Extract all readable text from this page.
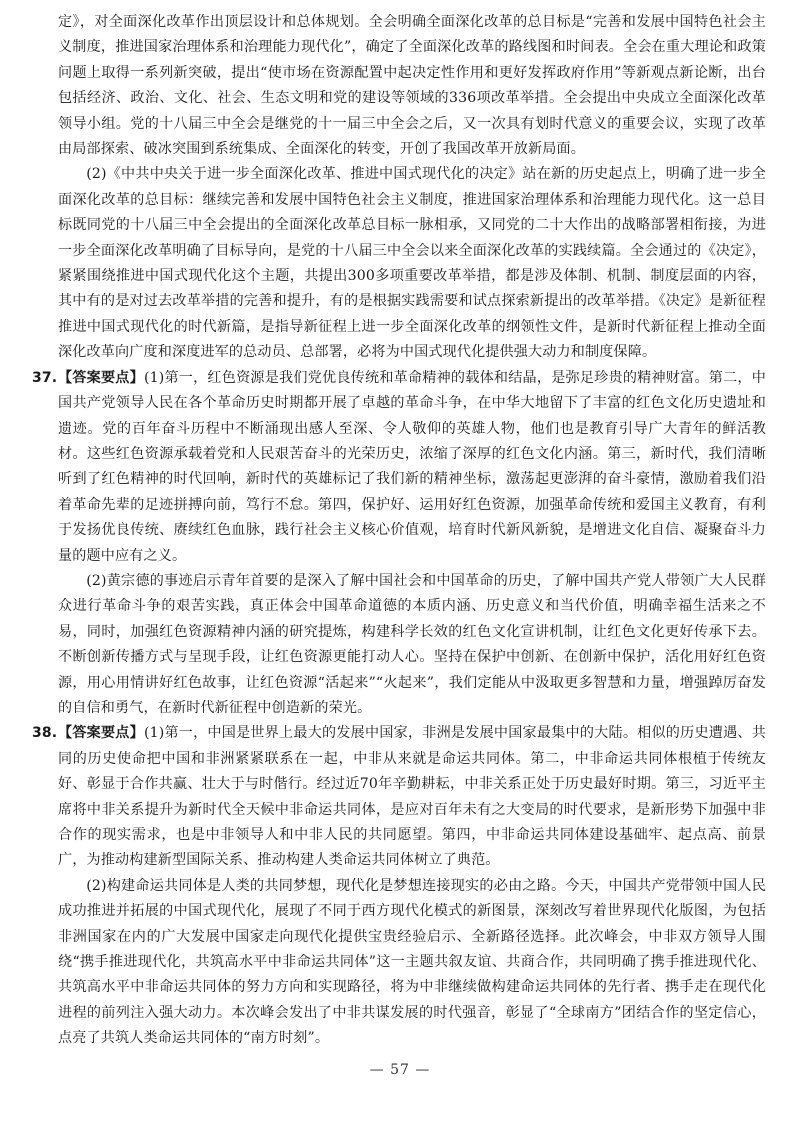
定》，对全面深化改革作出顶层设计和总体规划。全会明确全面深化改革的总目标是“完善和发展中国特色社会主义制度，推进国家治理体系和治理能力现代化”，确定了全面深化改革的路线图和时间表。全会在重大理论和政策问题上取得一系列新突破，提出“使市场在资源配置中起决定性作用和更好发挥政府作用”等新观点新论断，出台包括经济、政治、文化、社会、生态文明和党的建设等领域的336项改革举措。全会提出中央成立全面深化改革领导小组。党的十八届三中全会是继党的十一届三中全会之后，又一次具有划时代意义的重要会议，实现了改革由局部探索、破冰突围到系统集成、全面深化的转变，开创了我国改革开放新局面。

(2)《中共中央关于进一步全面深化改革、推进中国式现代化的决定》站在新的历史起点上，明确了进一步全面深化改革的总目标：继续完善和发展中国特色社会主义制度，推进国家治理体系和治理能力现代化。这一总目标既同党的十八届三中全会提出的全面深化改革总目标一脉相承，又同党的二十大作出的战略部署相衔接，为进一步全面深化改革明确了目标导向，是党的十八届三中全会以来全面深化改革的实践续篇。全会通过的《决定》，紧紧围绕推进中国式现代化这个主题，共提出300多项重要改革举措，都是涉及体制、机制、制度层面的内容，其中有的是对过去改革举措的完善和提升，有的是根据实践需要和试点探索新提出的改革举措。《决定》是新征程推进中国式现代化的时代新篇，是指导新征程上进一步全面深化改革的纲领性文件，是新时代新征程上推动全面深化改革向广度和深度进军的总动员、总部署，必将为中国式现代化提供强大动力和制度保障。

37. 【答案要点】(1)第一，红色资源是我们党优良传统和革命精神的载体和结晶，是弥足珍贵的精神财富。第二，中国共产党领导人民在各个革命历史时期都开展了卓越的革命斗争，在中华大地留下了丰富的红色文化历史遗址和遗迹。党的百年奋斗历程中不断涌现出感人至深、令人敬仰的英雄人物，他们也是教育引导广大青年的鲜活教材。这些红色资源承载着党和人民艰苦奋斗的光荣历史，浓缩了深厚的红色文化内涵。第三，新时代，我们清晰听到了红色精神的时代回响，新时代的英雄标记了我们新的精神坐标，激荡起更澎湃的奋斗豪情，激励着我们沿着革命先辈的足迹拼搏向前，笃行不怠。第四，保护好、运用好红色资源，加强革命传统和爱国主义教育，有利于发扬优良传统、赓续红色血脉，践行社会主义核心价值观，培育时代新风新貌，是增进文化自信、凝聚奋斗力量的题中应有之义。

(2)黄宗德的事迹启示青年首要的是深入了解中国社会和中国革命的历史，了解中国共产党人带领广大人民群众进行革命斗争的艰苦实践，真正体会中国革命道德的本质内涵、历史意义和当代价值，明确幸福生活来之不易，同时，加强红色资源精神内涵的研究提炼，构建科学长效的红色文化宣讲机制，让红色文化更好传承下去。不断创新传播方式与呈现手段，让红色资源更能打动人心。坚持在保护中创新、在创新中保护，活化用好红色资源，用心用情讲好红色故事，让红色资源“活起来”“火起来”，我们定能从中汲取更多智慧和力量，增强踔厉奋发的自信和勇气，在新时代新征程中创造新的荣光。

38. 【答案要点】(1)第一，中国是世界上最大的发展中国家，非洲是发展中国家最集中的大陆。相似的历史遭遇、共同的历史使命把中国和非洲紧紧联系在一起，中非从来就是命运共同体。第二，中非命运共同体根植于传统友好、彰显于合作共赢、壮大于与时偕行。经过近70年辛勤耕耘，中非关系正处于历史最好时期。第三，习近平主席将中非关系提升为新时代全天候中非命运共同体，是应对百年未有之大变局的时代要求，是新形势下加强中非合作的现实需求，也是中非领导人和中非人民的共同愿望。第四，中非命运共同体建设基础牢、起点高、前景广，为推动构建新型国际关系、推动构建人类命运共同体树立了典范。

(2)构建命运共同体是人类的共同梦想，现代化是梦想连接现实的必由之路。今天，中国共产党带领中国人民成功推进并拓展的中国式现代化，展现了不同于西方现代化模式的新图景，深刻改写着世界现代化版图，为包括非洲国家在内的广大发展中国家走向现代化提供宝贵经验启示、全新路径选择。此次峰会，中非双方领导人围绕“携手推进现代化，共筑高水平中非命运共同体”这一主题共叙友谊、共商合作，共同明确了携手推进现代化、共筑高水平中非命运共同体的努力方向和实现路径，将为中非继续做构建命运共同体的先行者、携手走在现代化进程的前列注入强大动力。本次峰会发出了中非共谋发展的时代强音，彰显了“全球南方”团结合作的坚定信心，点亮了共筑人类命运共同体的“南方时刻”。

— 57 —
